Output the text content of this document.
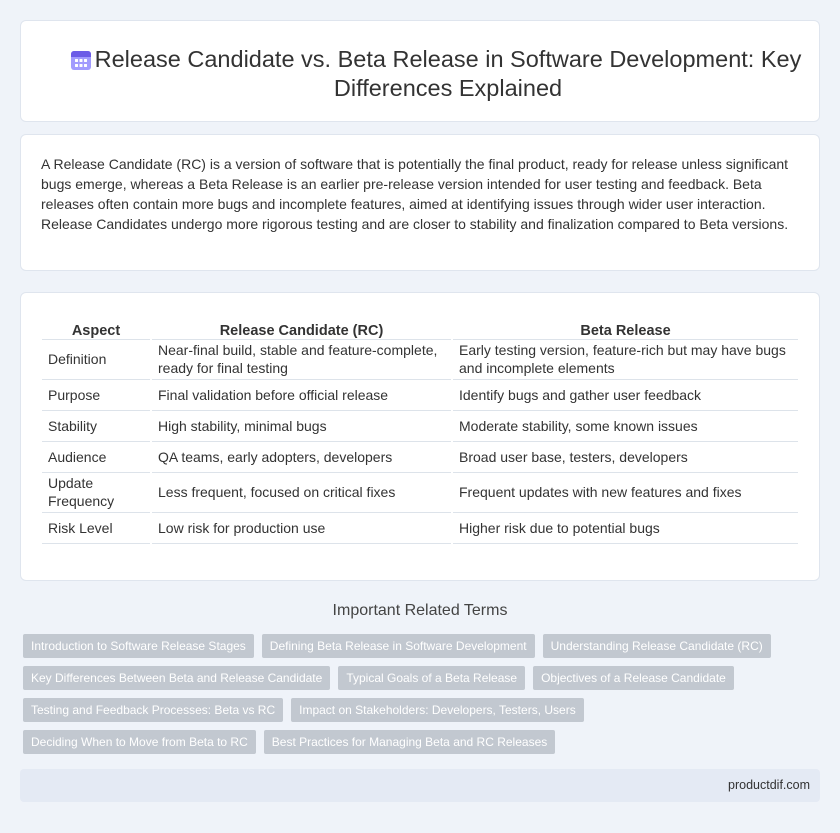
Release Candidate vs. Beta Release in Software Development: Key Differences Explained

A Release Candidate (RC) is a version of software that is potentially the final product, ready for release unless significant bugs emerge, whereas a Beta Release is an earlier pre-release version intended for user testing and feedback. Beta releases often contain more bugs and incomplete features, aimed at identifying issues through wider user interaction. Release Candidates undergo more rigorous testing and are closer to stability and finalization compared to Beta versions.

Aspect	Release Candidate (RC)	Beta Release
Definition	Near-final build, stable and feature-complete, ready for final testing	Early testing version, feature-rich but may have bugs and incomplete elements
Purpose	Final validation before official release	Identify bugs and gather user feedback
Stability	High stability, minimal bugs	Moderate stability, some known issues
Audience	QA teams, early adopters, developers	Broad user base, testers, developers
Update Frequency	Less frequent, focused on critical fixes	Frequent updates with new features and fixes
Risk Level	Low risk for production use	Higher risk due to potential bugs
Important Related Terms
Introduction to Software Release Stages	Defining Beta Release in Software Development	Understanding Release Candidate (RC)
Key Differences Between Beta and Release Candidate	Typical Goals of a Beta Release	Objectives of a Release Candidate
Testing and Feedback Processes: Beta vs RC	Impact on Stakeholders: Developers, Testers, Users
Deciding When to Move from Beta to RC	Best Practices for Managing Beta and RC Releases
productdif.com
